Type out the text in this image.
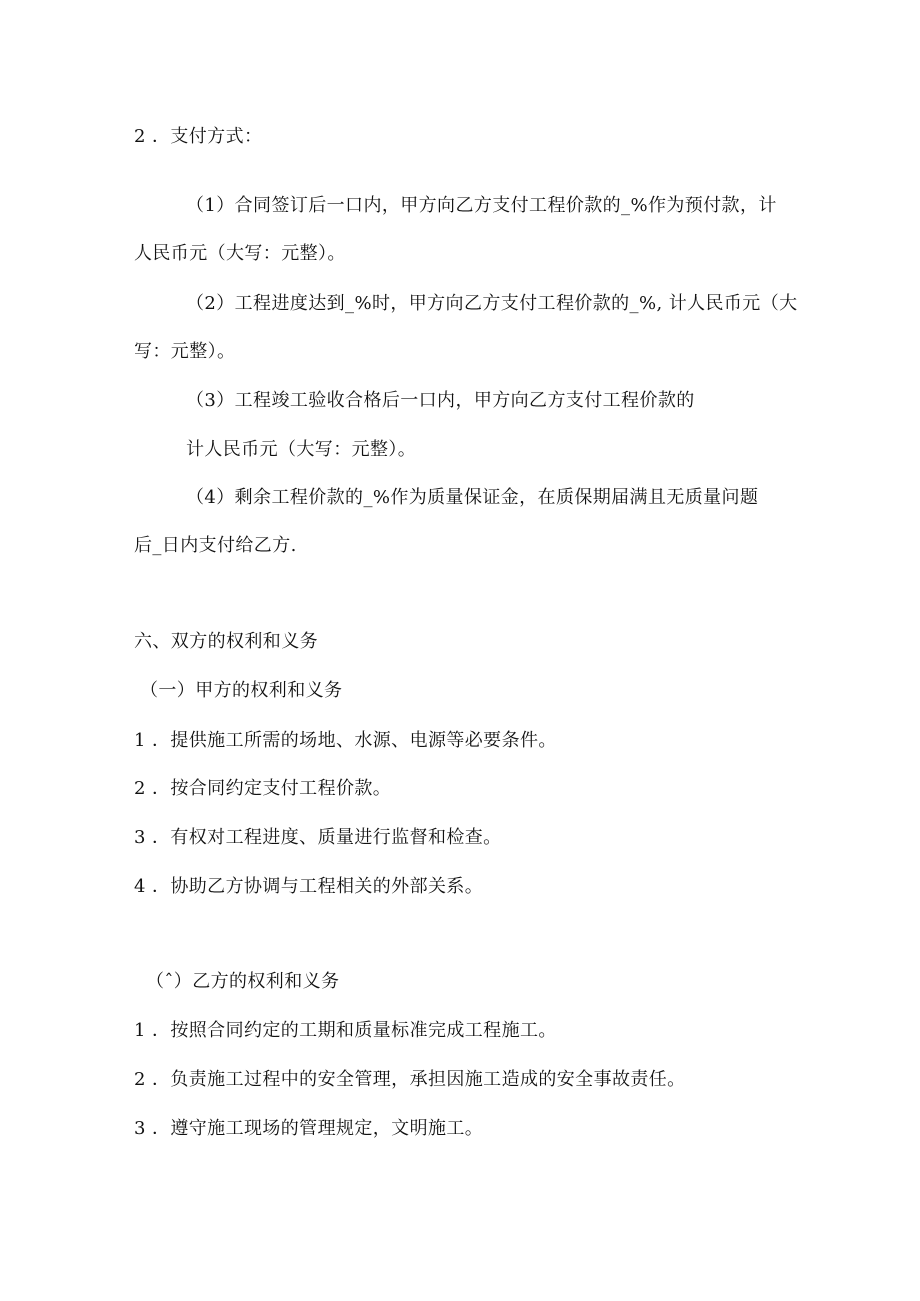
2 ．支付方式：
（1）合同签订后一口内，甲方向乙方支付工程价款的_%作为预付款，计
人民币元（大写：元整）。
（2）工程进度达到_%时，甲方向乙方支付工程价款的_%, 计人民币元（大
写：元整）。
（3）工程竣工验收合格后一口内，甲方向乙方支付工程价款的
计人民币元（大写：元整）。
（4）剩余工程价款的_%作为质量保证金，在质保期届满且无质量问题
后_日内支付给乙方.
六、双方的权利和义务
（一）甲方的权利和义务
1 ．提供施工所需的场地、水源、电源等必要条件。
2 ．按合同约定支付工程价款。
3 ．有权对工程进度、质量进行监督和检查。
4 ．协助乙方协调与工程相关的外部关系。
（ˆ）乙方的权利和义务
1 ．按照合同约定的工期和质量标准完成工程施工。
2 ．负责施工过程中的安全管理，承担因施工造成的安全事故责任。
3 ．遵守施工现场的管理规定，文明施工。
